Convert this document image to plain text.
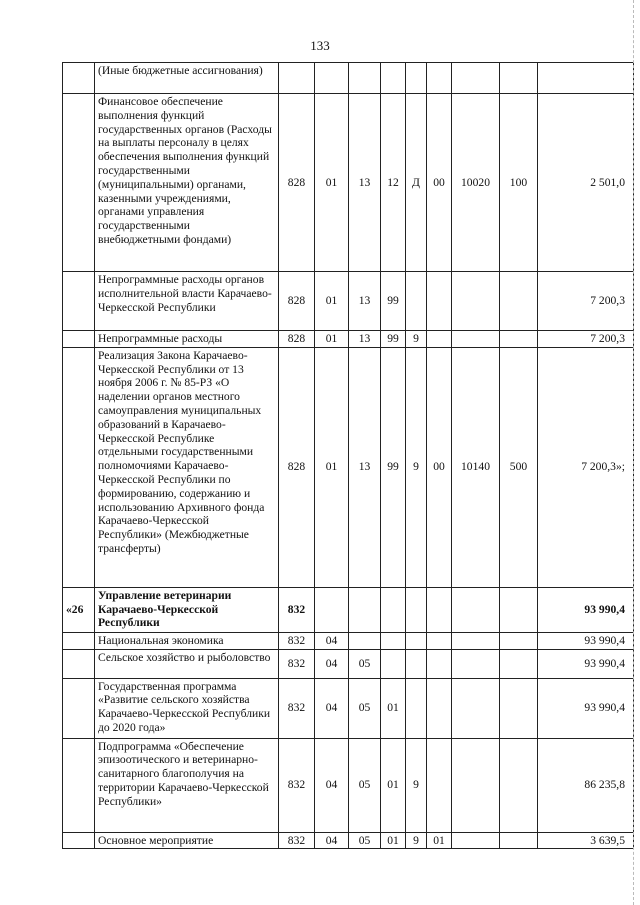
133
	(Иные бюджетные ассигнования)									
	Финансовое обеспечение выполнения функций государственных органов (Расходы на выплаты персоналу в целях обеспечения выполнения функций государственными (муниципальными) органами, казенными учреждениями, органами управления государственными внебюджетными фондами)	828	01	13	12	Д	00	10020	100	2 501,0
	Непрограммные расходы органов исполнительной власти Карачаево-Черкесской Республики	828	01	13	99					7 200,3
	Непрограммные расходы	828	01	13	99	9				7 200,3
	Реализация Закона Карачаево-Черкесской Республики от 13 ноября 2006 г. № 85-РЗ «О наделении органов местного самоуправления муниципальных образований в Карачаево-Черкесской Республике отдельными государственными полномочиями Карачаево-Черкесской Республики по формированию, содержанию и использованию Архивного фонда Карачаево-Черкесской Республики» (Межбюджетные трансферты)	828	01	13	99	9	00	10140	500	7 200,3»;
«26	Управление ветеринарии Карачаево-Черкесской Республики	832								93 990,4
	Национальная экономика	832	04							93 990,4
	Сельское хозяйство и рыболовство	832	04	05						93 990,4
	Государственная программа «Развитие сельского хозяйства Карачаево-Черкесской Республики до 2020 года»	832	04	05	01					93 990,4
	Подпрограмма «Обеспечение эпизоотического и ветеринарно-санитарного благополучия на территории Карачаево-Черкесской Республики»	832	04	05	01	9				86 235,8
	Основное мероприятие	832	04	05	01	9	01			3 639,5
